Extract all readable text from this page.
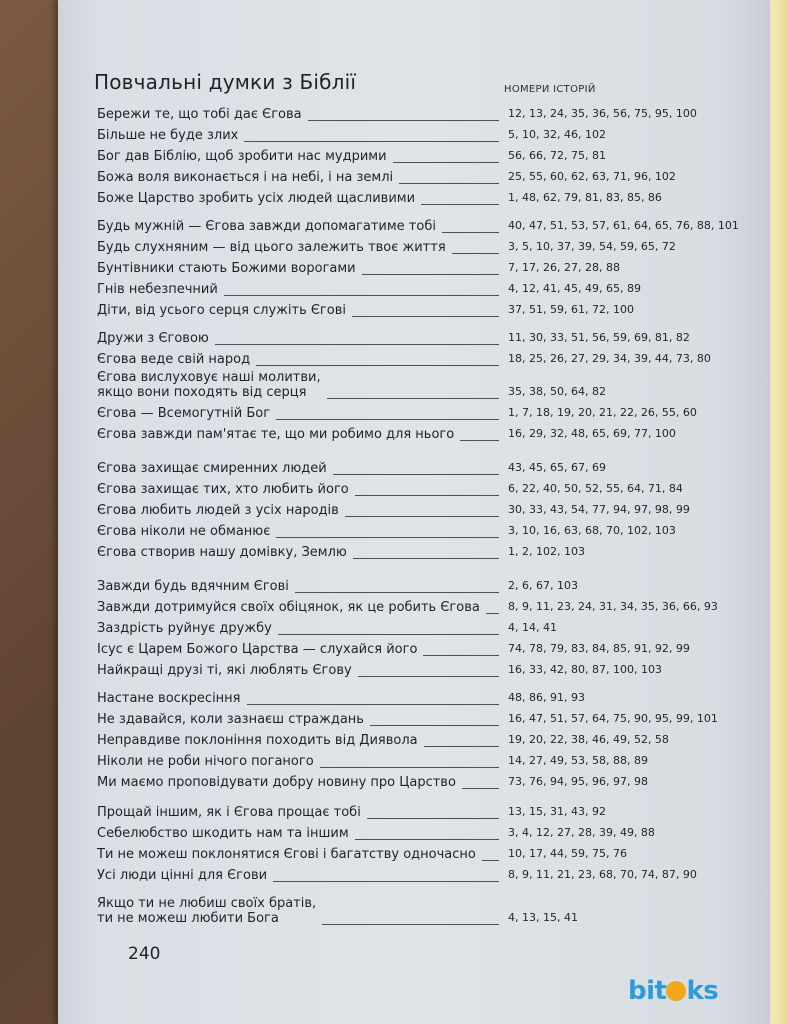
Повчальні думки з Біблії	НОМЕРИ ІСТОРІЙ
Бережи те, що тобі дає Єгова	12, 13, 24, 35, 36, 56, 75, 95, 100
Більше не буде злих	5, 10, 32, 46, 102
Бог дав Біблію, щоб зробити нас мудрими	56, 66, 72, 75, 81
Божа воля виконається і на небі, і на землі	25, 55, 60, 62, 63, 71, 96, 102
Боже Царство зробить усіх людей щасливими	1, 48, 62, 79, 81, 83, 85, 86
Будь мужній — Єгова завжди допомагатиме тобі	40, 47, 51, 53, 57, 61, 64, 65, 76, 88, 101
Будь слухняним — від цього залежить твоє життя	3, 5, 10, 37, 39, 54, 59, 65, 72
Бунтівники стають Божими ворогами	7, 17, 26, 27, 28, 88
Гнів небезпечний	4, 12, 41, 45, 49, 65, 89
Діти, від усього серця служіть Єгові	37, 51, 59, 61, 72, 100
Дружи з Єговою	11, 30, 33, 51, 56, 59, 69, 81, 82
Єгова веде свій народ	18, 25, 26, 27, 29, 34, 39, 44, 73, 80
Єгова вислуховує наші молитви,
якщо вони походять від серця	35, 38, 50, 64, 82
Єгова — Всемогутній Бог	1, 7, 18, 19, 20, 21, 22, 26, 55, 60
Єгова завжди пам'ятає те, що ми робимо для нього	16, 29, 32, 48, 65, 69, 77, 100
Єгова захищає смиренних людей	43, 45, 65, 67, 69
Єгова захищає тих, хто любить його	6, 22, 40, 50, 52, 55, 64, 71, 84
Єгова любить людей з усіх народів	30, 33, 43, 54, 77, 94, 97, 98, 99
Єгова ніколи не обманює	3, 10, 16, 63, 68, 70, 102, 103
Єгова створив нашу домівку, Землю	1, 2, 102, 103
Завжди будь вдячним Єгові	2, 6, 67, 103
Завжди дотримуйся своїх обіцянок, як це робить Єгова	8, 9, 11, 23, 24, 31, 34, 35, 36, 66, 93
Заздрість руйнує дружбу	4, 14, 41
Ісус є Царем Божого Царства — слухайся його	74, 78, 79, 83, 84, 85, 91, 92, 99
Найкращі друзі ті, які люблять Єгову	16, 33, 42, 80, 87, 100, 103
Настане воскресіння	48, 86, 91, 93
Не здавайся, коли зазнаєш страждань	16, 47, 51, 57, 64, 75, 90, 95, 99, 101
Неправдиве поклоніння походить від Диявола	19, 20, 22, 38, 46, 49, 52, 58
Ніколи не роби нічого поганого	14, 27, 49, 53, 58, 88, 89
Ми маємо проповідувати добру новину про Царство	73, 76, 94, 95, 96, 97, 98
Прощай іншим, як і Єгова прощає тобі	13, 15, 31, 43, 92
Себелюбство шкодить нам та іншим	3, 4, 12, 27, 28, 39, 49, 88
Ти не можеш поклонятися Єгові і багатству одночасно	10, 17, 44, 59, 75, 76
Усі люди цінні для Єгови	8, 9, 11, 21, 23, 68, 70, 74, 87, 90
Якщо ти не любиш своїх братів,
ти не можеш любити Бога	4, 13, 15, 41
240
bit ks
